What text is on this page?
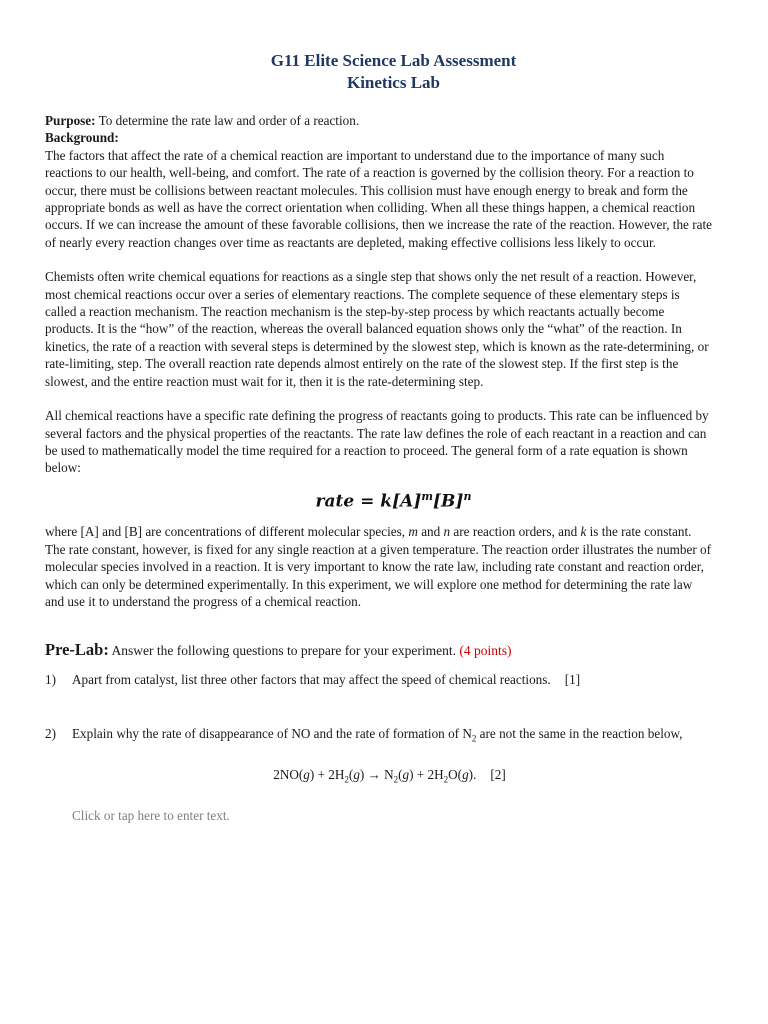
G11 Elite Science Lab Assessment
Kinetics Lab

Purpose: To determine the rate law and order of a reaction.

Background:

The factors that affect the rate of a chemical reaction are important to understand due to the importance of many such reactions to our health, well-being, and comfort. The rate of a reaction is governed by the collision theory. For a reaction to occur, there must be collisions between reactant molecules. This collision must have enough energy to break and form the appropriate bonds as well as have the correct orientation when colliding. When all these things happen, a chemical reaction occurs. If we can increase the amount of these favorable collisions, then we increase the rate of the reaction. However, the rate of nearly every reaction changes over time as reactants are depleted, making effective collisions less likely to occur.

Chemists often write chemical equations for reactions as a single step that shows only the net result of a reaction. However, most chemical reactions occur over a series of elementary reactions. The complete sequence of these elementary steps is called a reaction mechanism. The reaction mechanism is the step-by-step process by which reactants actually become products. It is the “how” of the reaction, whereas the overall balanced equation shows only the “what” of the reaction. In kinetics, the rate of a reaction with several steps is determined by the slowest step, which is known as the rate-determining, or rate-limiting, step. The overall reaction rate depends almost entirely on the rate of the slowest step. If the first step is the slowest, and the entire reaction must wait for it, then it is the rate-determining step.

All chemical reactions have a specific rate defining the progress of reactants going to products. This rate can be influenced by several factors and the physical properties of the reactants. The rate law defines the role of each reactant in a reaction and can be used to mathematically model the time required for a reaction to proceed. The general form of a rate equation is shown below:

rate = $k[A]^m[B]^n$

where [A] and [B] are concentrations of different molecular species, m and n are reaction orders, and k is the rate constant. The rate constant, however, is fixed for any single reaction at a given temperature. The reaction order illustrates the number of molecular species involved in a reaction. It is very important to know the rate law, including rate constant and reaction order, which can only be determined experimentally. In this experiment, we will explore one method for determining the rate law and use it to understand the progress of a chemical reaction.

Pre-Lab: Answer the following questions to prepare for your experiment. (4 points)
1) Apart from catalyst, list three other factors that may affect the speed of chemical reactions. [1]
2) Explain why the rate of disappearance of NO and the rate of formation of $N_2$ are not the same in the reaction below,
$2NO(g) + 2H_2(g) \to N_2(g) + 2H_2O(g)$. [2]
Click or tap here to enter text.
